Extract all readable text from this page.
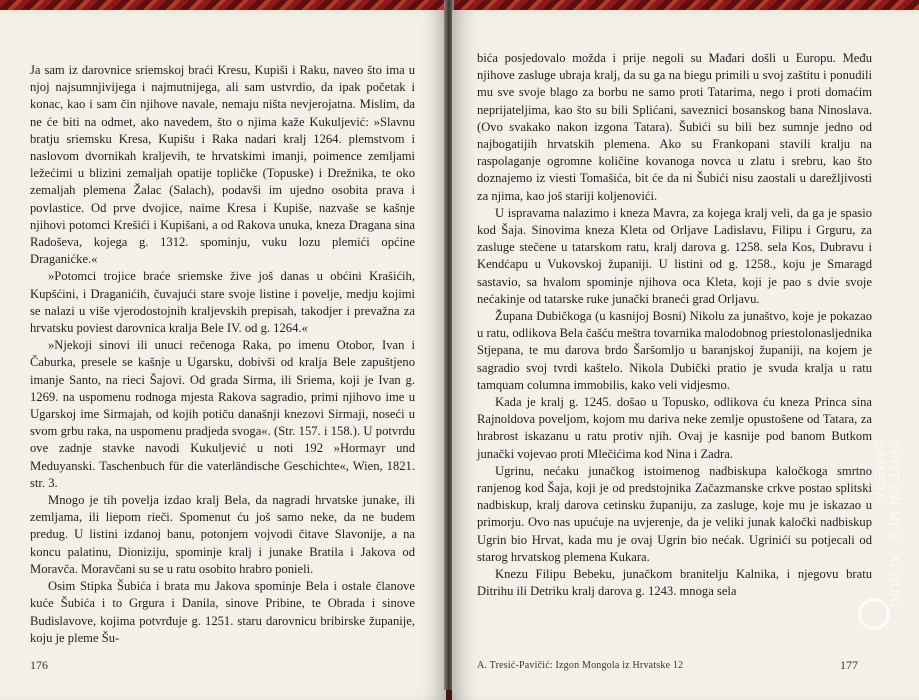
Ja sam iz darovnice sriemskoj braći Kresu, Kupiši i Raku, naveo što ima u njoj najsumnjivijega i najmutnijega, ali sam ustvrdio, da ipak početak i konac, kao i sam čin njihove navale, nemaju ništa nevjerojatna. Mislim, da ne će biti na odmet, ako navedem, što o njima kaže Kukuljević: »Slavnu bratju sriemsku Kresa, Kupišu i Raka nadari kralj 1264. plemstvom i naslovom dvornikah kraljevih, te hrvatskimi imanji, poimence zemljami ležećimi u blizini zemaljah opatije topličke (Topuske) i Drežnika, te oko zemaljah plemena Žalac (Salach), podavši im ujedno osobita prava i povlastice. Od prve dvojice, naime Kresa i Kupiše, nazvaše se kašnje njihovi potomci Krešići i Kupišani, a od Rakova unuka, kneza Dragana sina Radoševa, kojega g. 1312. spominju, vuku lozu plemići općine Draganićke.«

»Potomci trojice braće sriemske živе još danas u obćini Krašićih, Kupšćini, i Draganićih, čuvajući stare svoje listine i povelje, medju kojimi se nalazi u više vjerodostojnih kraljevskih prepisah, takodjer i prevažna za hrvatsku poviest darovnica kralja Bele IV. od g. 1264.«

»Njekoji sinovi ili unuci rečenoga Raka, po imenu Otobor, Ivan i Čaburka, presele se kašnje u Ugarsku, dobivši od kralja Bele zapuštjeno imanje Santo, na rieci Šajovi. Od grada Sirma, ili Sriema, koji je Ivan g. 1269. na uspomenu rodnoga mjesta Rakova sagradio, primi njihovo ime u Ugarskoj ime Sirmajah, od kojih potiču današnji knezovi Sirmaji, noseći u svom grbu raka, na uspomenu pradjeda svoga«. (Str. 157. i 158.). U potvrdu ove zadnje stavke navodi Kukuljević u noti 192 »Hormayr und Meduyanski. Taschenbuch für die vaterländische Geschichte«, Wien, 1821. str. 3.

Mnogo je tih povelja izdao kralj Bela, da nagradi hrvatske junake, ili zemljama, ili liepom rieči. Spomenut ću još samo neke, da ne budem predug. U listini izdanoj banu, potonjem vojvodi čitave Slavonije, a na koncu palatinu, Dioniziju, spominje kralj i junake Bratila i Jakova od Moravča. Moravčani su se u ratu osobito hrabro ponieli.

Osim Stipka Šubića i brata mu Jakova spominje Bela i ostale članove kuće Šubića i to Grgura i Danila, sinove Pribine, te Obrada i sinove Budislavove, kojima potvrđuje g. 1251. staru darovnicu bribirske županije, koju je pleme Šu-

176

bića posjedovalo možda i prije negoli su Mađari došli u Europu. Među njihove zasluge ubraja kralj, da su ga na biegu primili u svoj zaštitu i ponudili mu sve svoje blago za borbu ne samo proti Tatarima, nego i proti domaćim neprijateljima, kao što su bili Splićani, saveznici bosanskog bana Ninoslava. (Ovo svakako nakon izgona Tatara). Šubići su bili bez sumnje jedno od najbogatijih hrvatskih plemena. Ako su Frankopani stavili kralju na raspolaganje ogromne količine kovanoga novca u zlatu i srebru, kao što doznajemo iz viesti Tomašića, bit će da ni Šubići nisu zaostali u darežljivosti za njima, kao još stariji koljenovići.

U ispravama nalazimo i kneza Mavra, za kojega kralj veli, da ga je spasio kod Šaja. Sinovima kneza Kleta od Orljave Ladislavu, Filipu i Grguru, za zasluge stečene u tatarskom ratu, kralj darova g. 1258. sela Kos, Dubravu i Kendćapu u Vukovskoj županiji. U listini od g. 1258., koju je Smaragd sastavio, sa hvalom spominje njihova oca Kleta, koji je pao s dvie svoje nećakinje od tatarske ruke junački braneći grad Orljavu.

Župana Dubičkoga (u kasnijoj Bosni) Nikolu za junaštvo, koje je pokazao u ratu, odlikova Bela čašću meštra tovarnika malodobnog priestolonasljednika Stjepana, te mu darova brdo Šaršomljo u baranjskoj županiji, na kojem je sagradio svoj tvrdi kaštelo. Nikola Dubički pratio je svuda kralja u ratu tamquam columna immobilis, kako veli vidjesmo.

Kada je kralj g. 1245. došao u Topusko, odlikova ću kneza Princa sina Rajnoldova poveljom, kojom mu dariva neke zemlje opustošene od Tatara, za hrabrost iskazanu u ratu protiv njih. Ovaj je kasnije pod banom Butkom junački vojevao proti Mlečićima kod Nina i Zadra.

Ugrinu, nećaku junačkog istoimenog nadbiskupa kaločkoga smrtno ranjenog kod Šaja, koji je od predstojnika Začazmanske crkve postao splitski nadbiskup, kralj darova cetinsku županiju, za zasluge, koje mu je iskazao u primorju. Ovo nas upućuje na uvjerenje, da je veliki junak kaločki nadbiskup Ugrin bio Hrvat, kada mu je ovaj Ugrin bio nećak. Ugrinići su potjecali od starog hrvatskog plemena Kukara.

Knezu Filipu Bebeku, junačkom branitelju Kalnika, i njegovu bratu Ditrihu ili Detriku kralj darova g. 1243. mnoga sela

A. Tresić-Pavičić: Izgon Mongola iz Hrvatske 12	177
SHOT ON MI 8 · AI DUAL CAMERA
